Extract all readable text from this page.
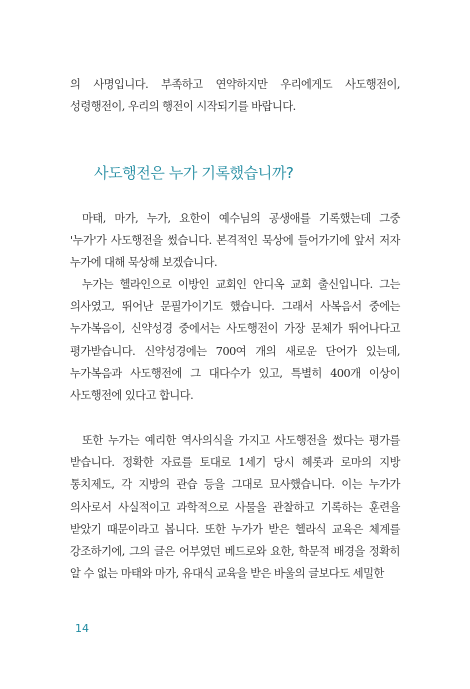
의 사명입니다. 부족하고 연약하지만 우리에게도 사도행전이, 성령행전이, 우리의 행전이 시작되기를 바랍니다.

사도행전은 누가 기록했습니까?

마태, 마가, 누가, 요한이 예수님의 공생애를 기록했는데 그중 '누가'가 사도행전을 썼습니다. 본격적인 묵상에 들어가기에 앞서 저자 누가에 대해 묵상해 보겠습니다.

누가는 헬라인으로 이방인 교회인 안디옥 교회 출신입니다. 그는 의사였고, 뛰어난 문필가이기도 했습니다. 그래서 사복음서 중에는 누가복음이, 신약성경 중에서는 사도행전이 가장 문체가 뛰어나다고 평가받습니다. 신약성경에는 700여 개의 새로운 단어가 있는데, 누가복음과 사도행전에 그 대다수가 있고, 특별히 400개 이상이 사도행전에 있다고 합니다.

또한 누가는 예리한 역사의식을 가지고 사도행전을 썼다는 평가를 받습니다. 정확한 자료를 토대로 1세기 당시 헤롯과 로마의 지방 통치제도, 각 지방의 관습 등을 그대로 묘사했습니다. 이는 누가가 의사로서 사실적이고 과학적으로 사물을 관찰하고 기록하는 훈련을 받았기 때문이라고 봅니다. 또한 누가가 받은 헬라식 교육은 체계를 강조하기에, 그의 글은 어부였던 베드로와 요한, 학문적 배경을 정확히 알 수 없는 마태와 마가, 유대식 교육을 받은 바울의 글보다도 세밀한

14
